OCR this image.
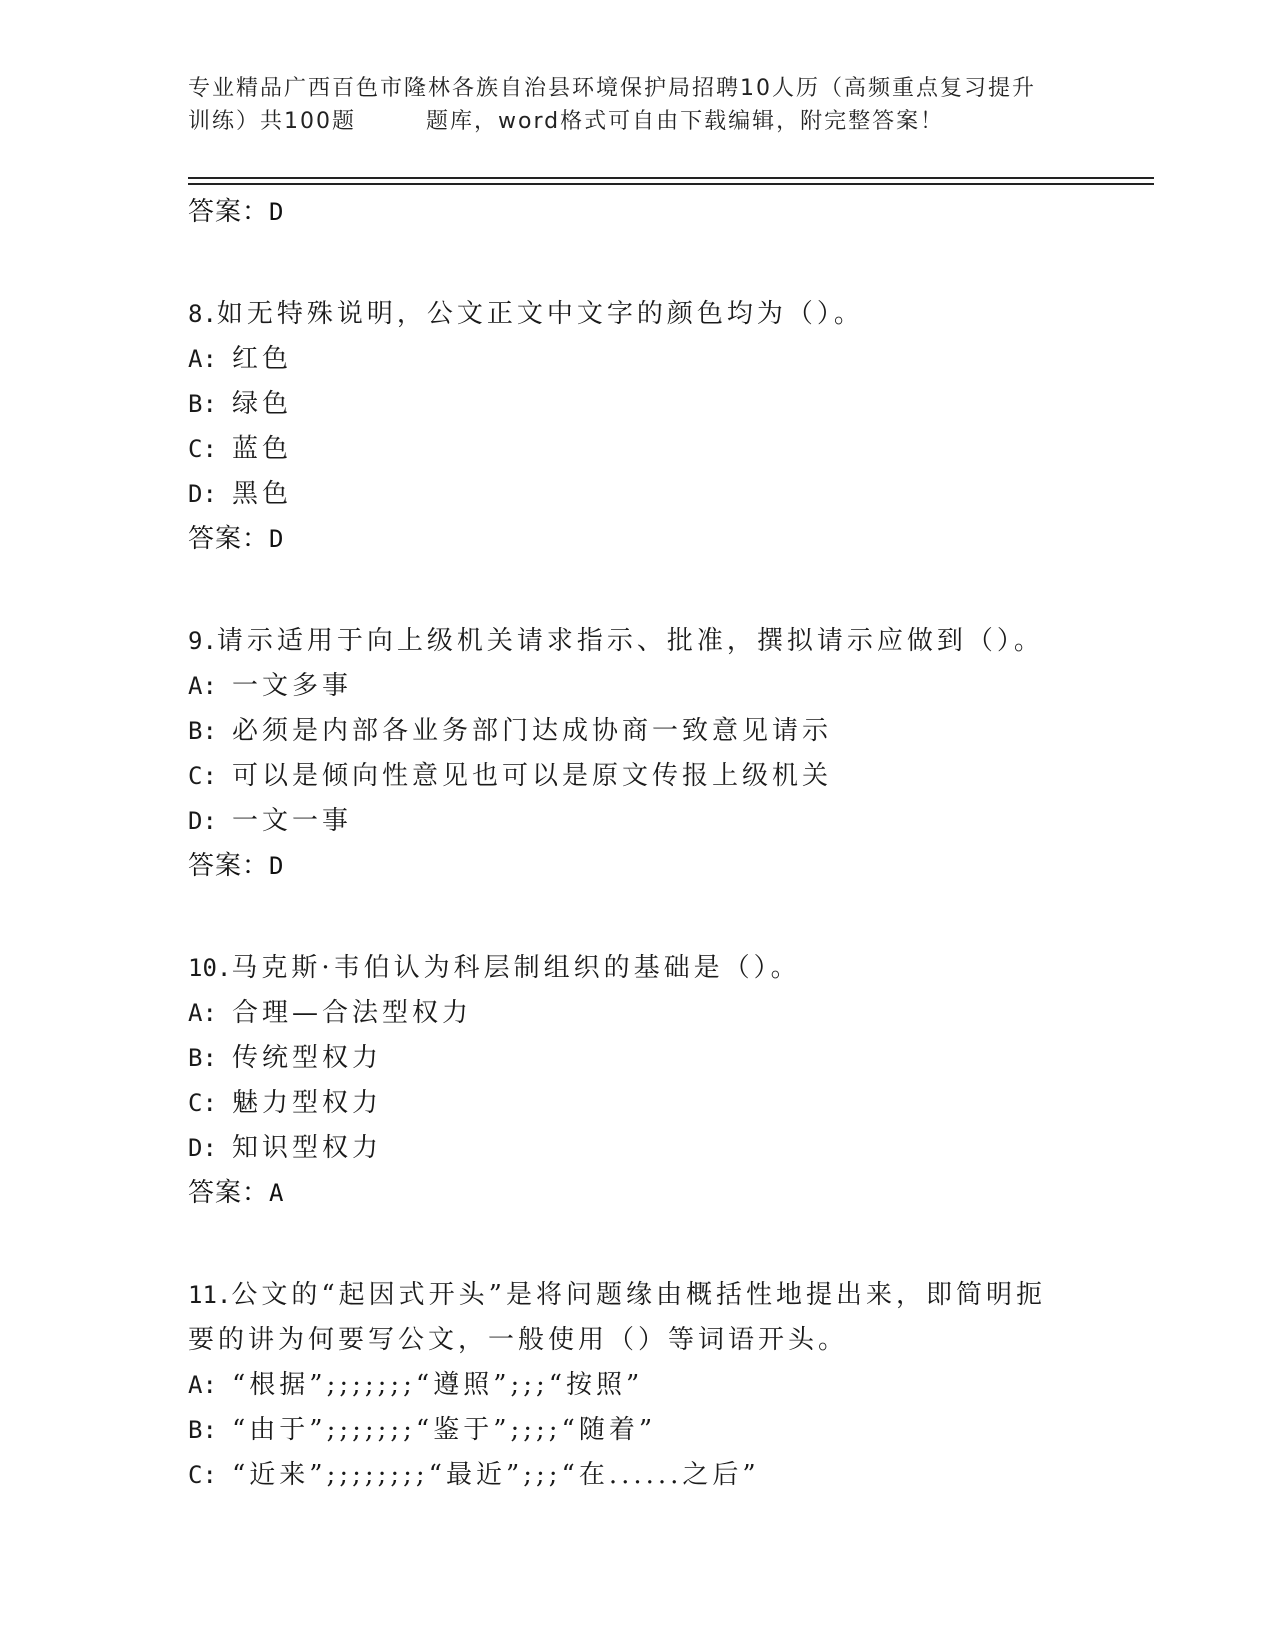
专业精品广西百色市隆林各族自治县环境保护局招聘10人历（高频重点复习提升
训练）共100题	题库，word格式可自由下载编辑，附完整答案！
答案：D
8.如无特殊说明，公文正文中文字的颜色均为（）。
A: 红色
B: 绿色
C: 蓝色
D: 黑色
答案：D
9.请示适用于向上级机关请求指示、批准，撰拟请示应做到（）。
A: 一文多事
B: 必须是内部各业务部门达成协商一致意见请示
C: 可以是倾向性意见也可以是原文传报上级机关
D: 一文一事
答案：D
10.马克斯·韦伯认为科层制组织的基础是（）。
A: 合理—合法型权力
B: 传统型权力
C: 魅力型权力
D: 知识型权力
答案：A
11.公文的“起因式开头”是将问题缘由概括性地提出来，即简明扼要的讲为何要写公文，一般使用（）等词语开头。
A: “根据”;;;;;;;“遵照”;;;“按照”
B: “由于”;;;;;;;“鉴于”;;;;“随着”
C: “近来”;;;;;;;;“最近”;;;“在......之后”
